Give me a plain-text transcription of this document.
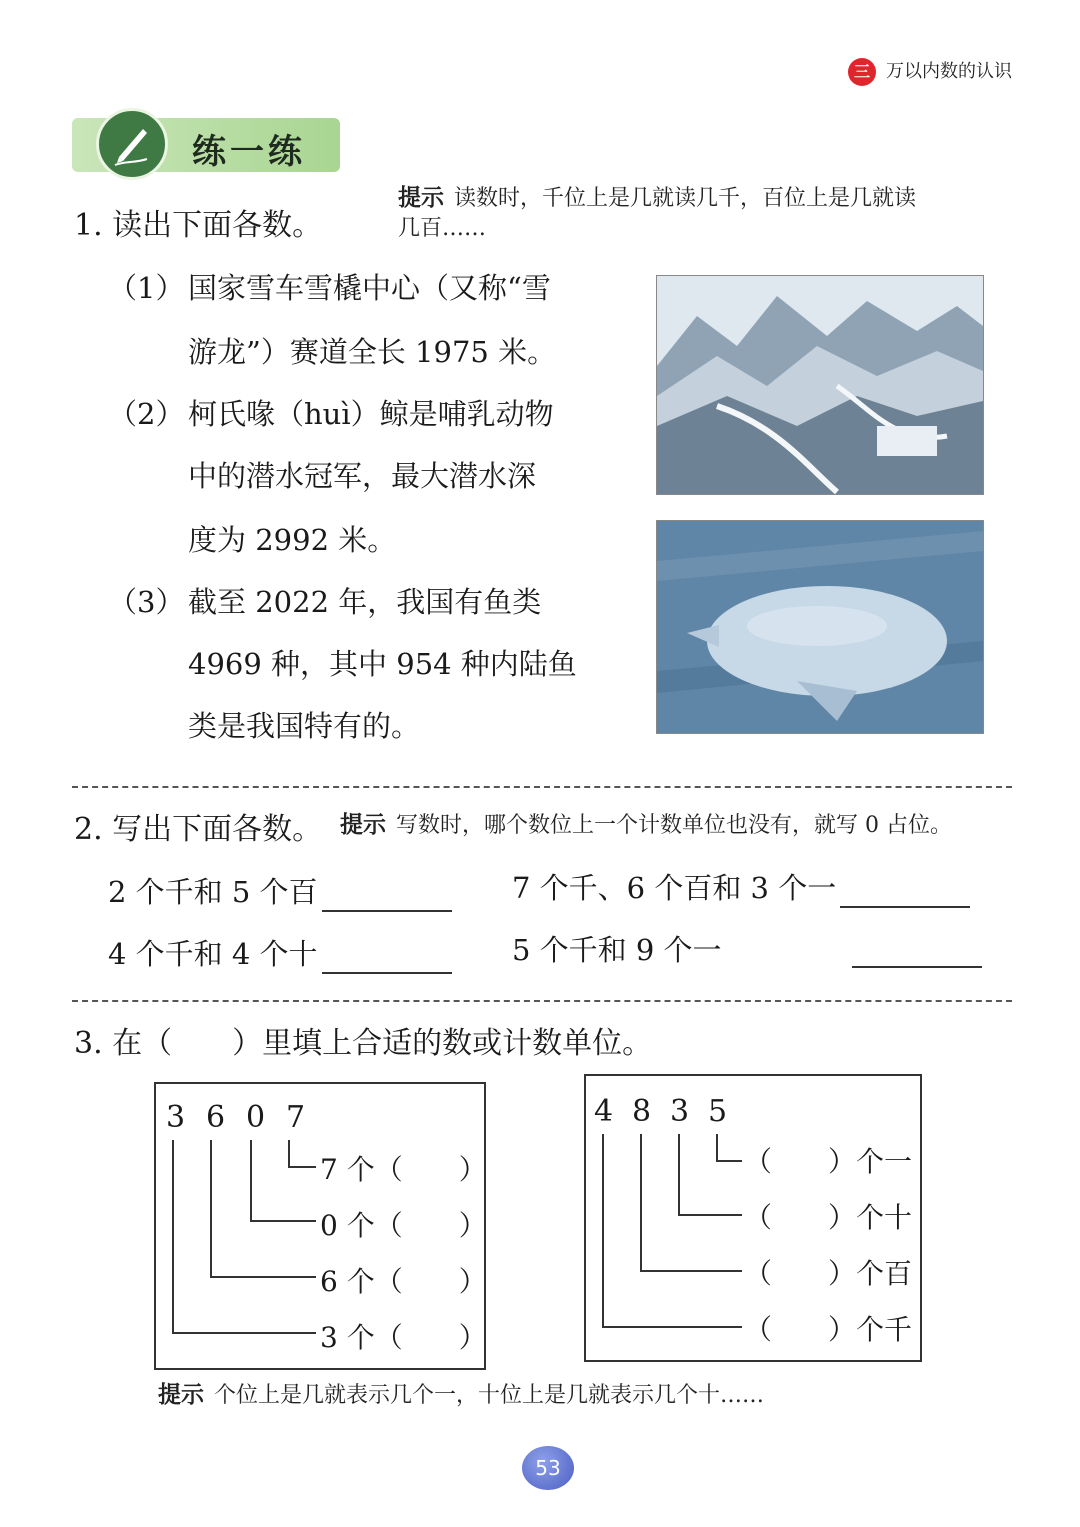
三 万以内数的认识
练一练
1. 读出下面各数。
提示 读数时，千位上是几就读几千，百位上是几就读
几百……
（1） 国家雪车雪橇中心（又称“雪
游龙”）赛道全长 1975 米。
（2） 柯氏喙（huì）鲸是哺乳动物
中的潜水冠军，最大潜水深
度为 2992 米。
（3） 截至 2022 年，我国有鱼类
4969 种，其中 954 种内陆鱼
类是我国特有的。
2. 写出下面各数。 提示 写数时，哪个数位上一个计数单位也没有，就写 0 占位。
2 个千和 5 个百	7 个千、6 个百和 3 个一
4 个千和 4 个十	5 个千和 9 个一
3. 在（　　）里填上合适的数或计数单位。
3 6 0 7
7 个（　　）
0 个（　　）
6 个（　　）
3 个（　　）
4 8 3 5
（　　）个一
（　　）个十
（　　）个百
（　　）个千
提示 个位上是几就表示几个一，十位上是几就表示几个十……
53
